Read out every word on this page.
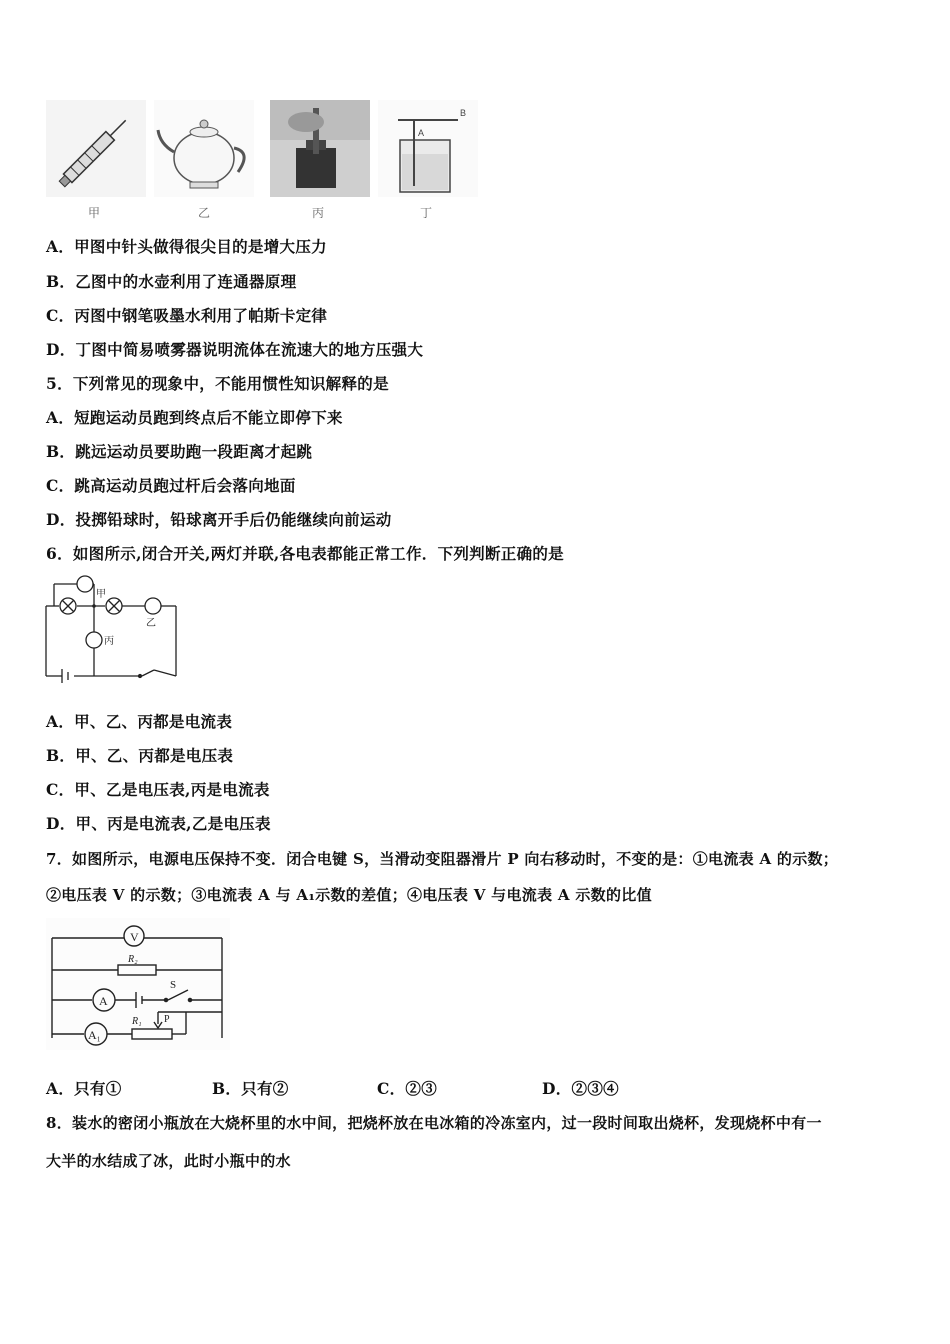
B
A
甲	乙	丙	丁
A．甲图中针头做得很尖目的是增大压力
B．乙图中的水壶利用了连通器原理
C．丙图中钢笔吸墨水利用了帕斯卡定律
D．丁图中简易喷雾器说明流体在流速大的地方压强大
5．下列常见的现象中，不能用惯性知识解释的是
A．短跑运动员跑到终点后不能立即停下来
B．跳远运动员要助跑一段距离才起跳
C．跳高运动员跑过杆后会落向地面
D．投掷铅球时，铅球离开手后仍能继续向前运动
6．如图所示,闭合开关,两灯并联,各电表都能正常工作．下列判断正确的是
甲
乙
丙
A．甲、乙、丙都是电流表
B．甲、乙、丙都是电压表
C．甲、乙是电压表,丙是电流表
D．甲、丙是电流表,乙是电压表
7．如图所示，电源电压保持不变．闭合电键 S，当滑动变阻器滑片 P 向右移动时，不变的是：①电流表 A 的示数；
②电压表 V 的示数；③电流表 A 与 A₁示数的差值；④电压表 V 与电流表 A 示数的比值
V
R₂
A
S
A₁
R₁ P
A．只有①	B．只有②	C．②③	D．②③④
8．装水的密闭小瓶放在大烧杯里的水中间，把烧杯放在电冰箱的冷冻室内，过一段时间取出烧杯，发现烧杯中有一
大半的水结成了冰，此时小瓶中的水
